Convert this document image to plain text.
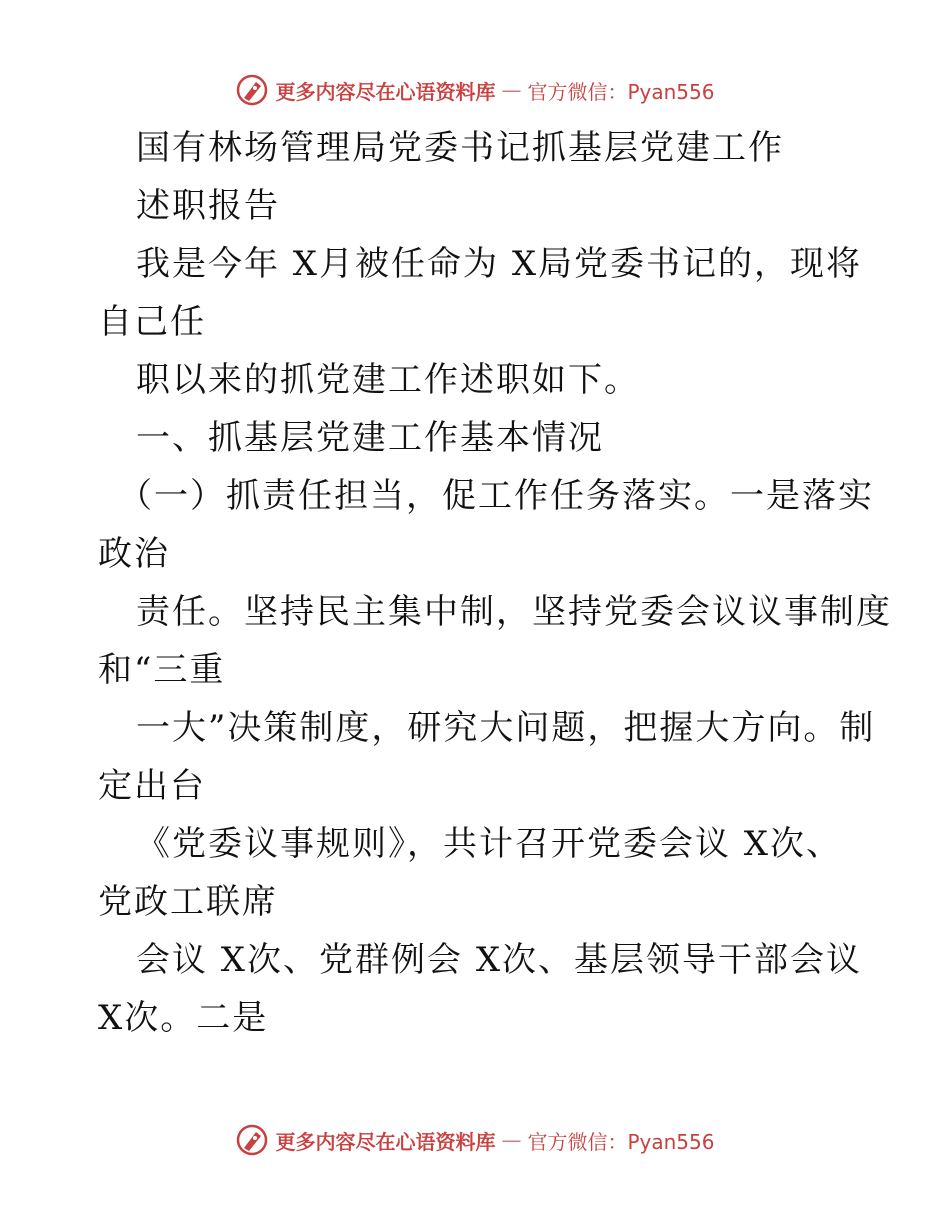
更多内容尽在心语资料库 — 官方微信：Pyan556
国有林场管理局党委书记抓基层党建工作
述职报告
我是今年 X月被任命为 X局党委书记的，现将
自己任
职以来的抓党建工作述职如下。
一、抓基层党建工作基本情况
（一）抓责任担当，促工作任务落实。一是落实
政治
责任。坚持民主集中制，坚持党委会议议事制度
和“三重
一大”决策制度，研究大问题，把握大方向。制
定出台
《党委议事规则》，共计召开党委会议 X次、
党政工联席
会议 X次、党群例会 X次、基层领导干部会议
X次。二是
更多内容尽在心语资料库 — 官方微信：Pyan556
